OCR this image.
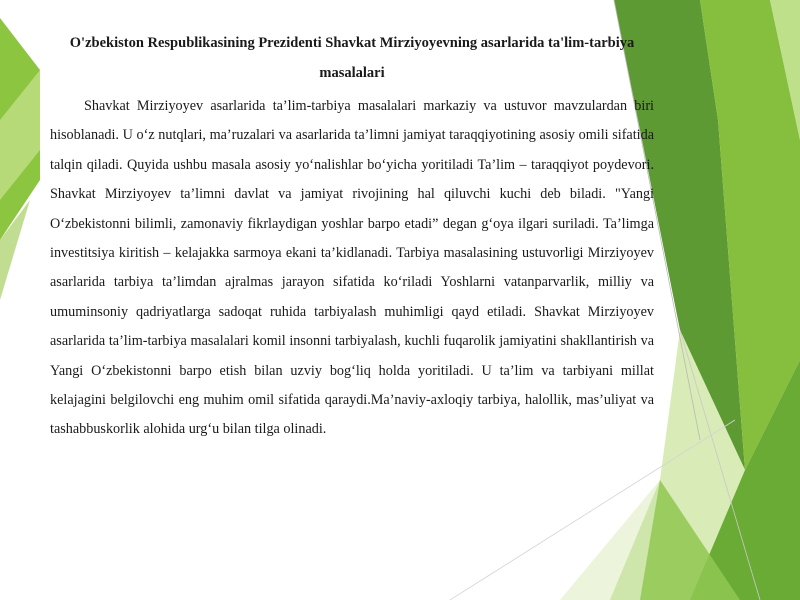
O'zbekiston Respublikasining Prezidenti Shavkat Mirziyoyevning asarlarida ta'lim-tarbiya masalalari

Shavkat Mirziyoyev asarlarida ta’lim-tarbiya masalalari markaziy va ustuvor mavzulardan biri hisoblanadi. U o‘z nutqlari, ma’ruzalari va asarlarida ta’limni jamiyat taraqqiyotining asosiy omili sifatida talqin qiladi. Quyida ushbu masala asosiy yo‘nalishlar bo‘yicha yoritiladi Ta’lim – taraqqiyot poydevori. Shavkat Mirziyoyev ta’limni davlat va jamiyat rivojining hal qiluvchi kuchi deb biladi. "Yangi O‘zbekistonni bilimli, zamonaviy fikrlaydigan yoshlar barpo etadi” degan g‘oya ilgari suriladi. Ta’limga investitsiya kiritish – kelajakka sarmoya ekani ta’kidlanadi. Tarbiya masalasining ustuvorligi Mirziyoyev asarlarida tarbiya ta’limdan ajralmas jarayon sifatida ko‘riladi Yoshlarni vatanparvarlik, milliy va umuminsoniy qadriyatlarga sadoqat ruhida tarbiyalash muhimligi qayd etiladi. Shavkat Mirziyoyev asarlarida ta’lim-tarbiya masalalari komil insonni tarbiyalash, kuchli fuqarolik jamiyatini shakllantirish va Yangi O‘zbekistonni barpo etish bilan uzviy bog‘liq holda yoritiladi. U ta’lim va tarbiyani millat kelajagini belgilovchi eng muhim omil sifatida qaraydi.Ma’naviy-axloqiy tarbiya, halollik, mas’uliyat va tashabbuskorlik alohida urg‘u bilan tilga olinadi.
